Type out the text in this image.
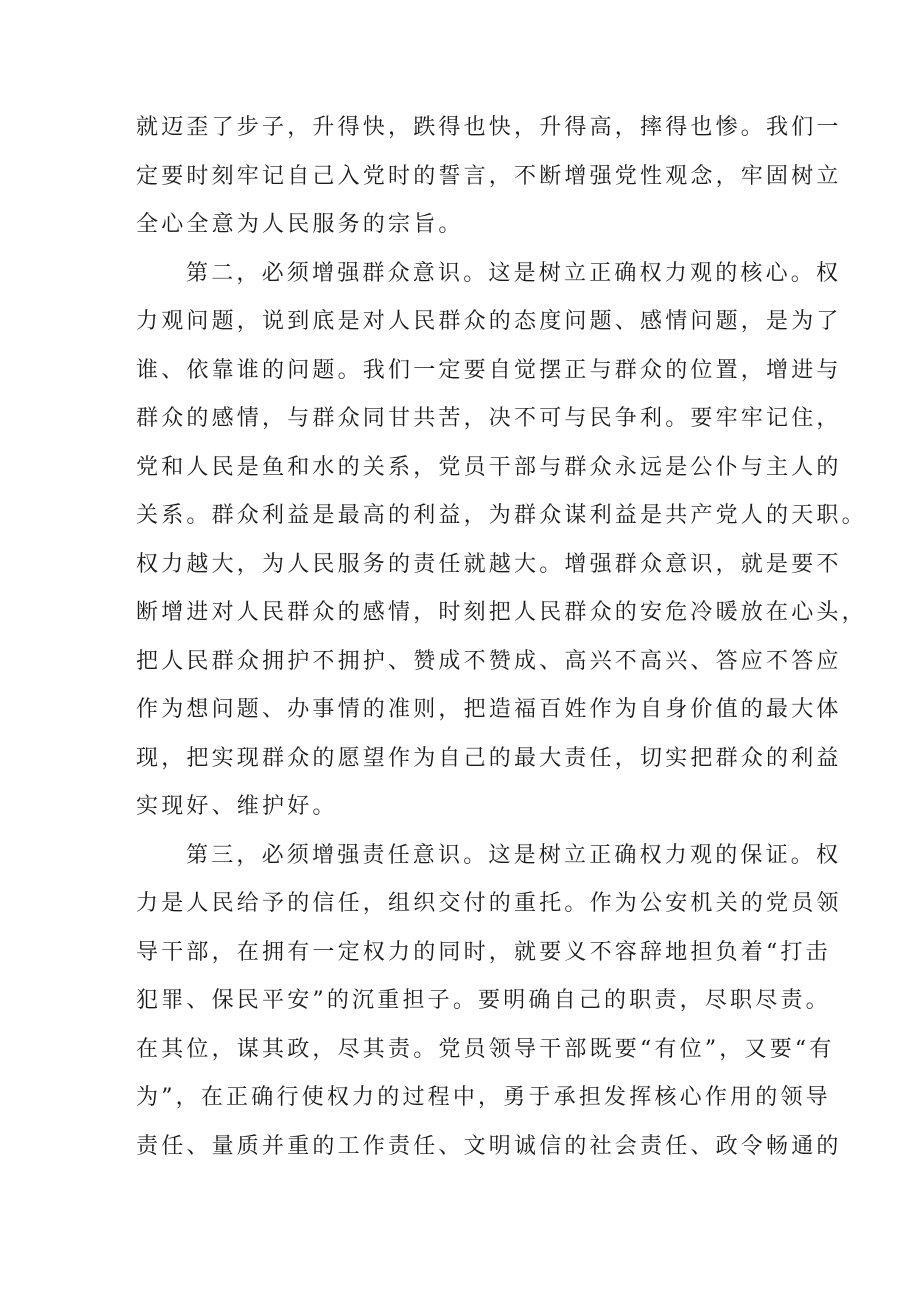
就迈歪了步子，升得快，跌得也快，升得高，摔得也惨。我们一
定要时刻牢记自己入党时的誓言，不断增强党性观念，牢固树立
全心全意为人民服务的宗旨。
第二，必须增强群众意识。这是树立正确权力观的核心。权
力观问题，说到底是对人民群众的态度问题、感情问题，是为了
谁、依靠谁的问题。我们一定要自觉摆正与群众的位置，增进与
群众的感情，与群众同甘共苦，决不可与民争利。要牢牢记住，
党和人民是鱼和水的关系，党员干部与群众永远是公仆与主人的
关系。群众利益是最高的利益，为群众谋利益是共产党人的天职。
权力越大，为人民服务的责任就越大。增强群众意识，就是要不
断增进对人民群众的感情，时刻把人民群众的安危冷暖放在心头，
把人民群众拥护不拥护、赞成不赞成、高兴不高兴、答应不答应
作为想问题、办事情的准则，把造福百姓作为自身价值的最大体
现，把实现群众的愿望作为自己的最大责任，切实把群众的利益
实现好、维护好。
第三，必须增强责任意识。这是树立正确权力观的保证。权
力是人民给予的信任，组织交付的重托。作为公安机关的党员领
导干部，在拥有一定权力的同时，就要义不容辞地担负着“打击
犯罪、保民平安”的沉重担子。要明确自己的职责，尽职尽责。
在其位，谋其政，尽其责。党员领导干部既要“有位”，又要“有
为”，在正确行使权力的过程中，勇于承担发挥核心作用的领导
责任、量质并重的工作责任、文明诚信的社会责任、政令畅通的
